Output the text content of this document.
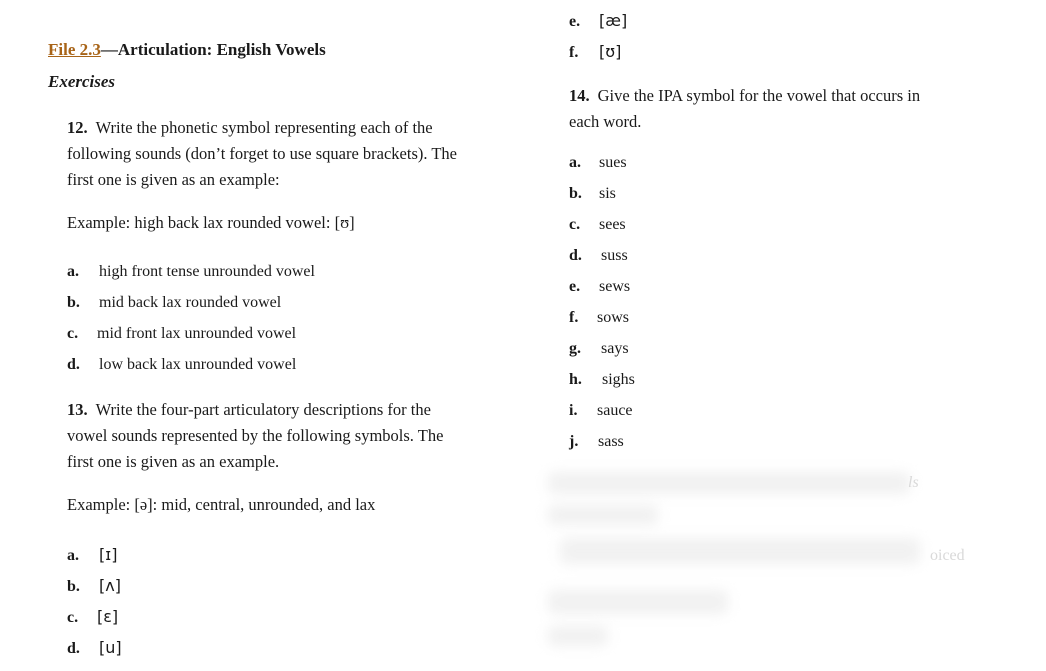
File 2.3—Articulation: English Vowels
Exercises
12. Write the phonetic symbol representing each of the
following sounds (don’t forget to use square brackets). The
first one is given as an example:
Example: high back lax rounded vowel: [ʊ]
a. high front tense unrounded vowel
b. mid back lax rounded vowel
c. mid front lax unrounded vowel
d. low back lax unrounded vowel
13. Write the four-part articulatory descriptions for the
vowel sounds represented by the following symbols. The
first one is given as an example.
Example: [ə]: mid, central, unrounded, and lax
a. [ɪ]
b. [ʌ]
c. [ɛ]
d. [u]
e. [æ]
f. [ʊ]
14. Give the IPA symbol for the vowel that occurs in
each word.
a. sues
b. sis
c. sees
d. suss
e. sews
f. sows
g. says
h. sighs
i. sauce
j. sass
ls
oiced
